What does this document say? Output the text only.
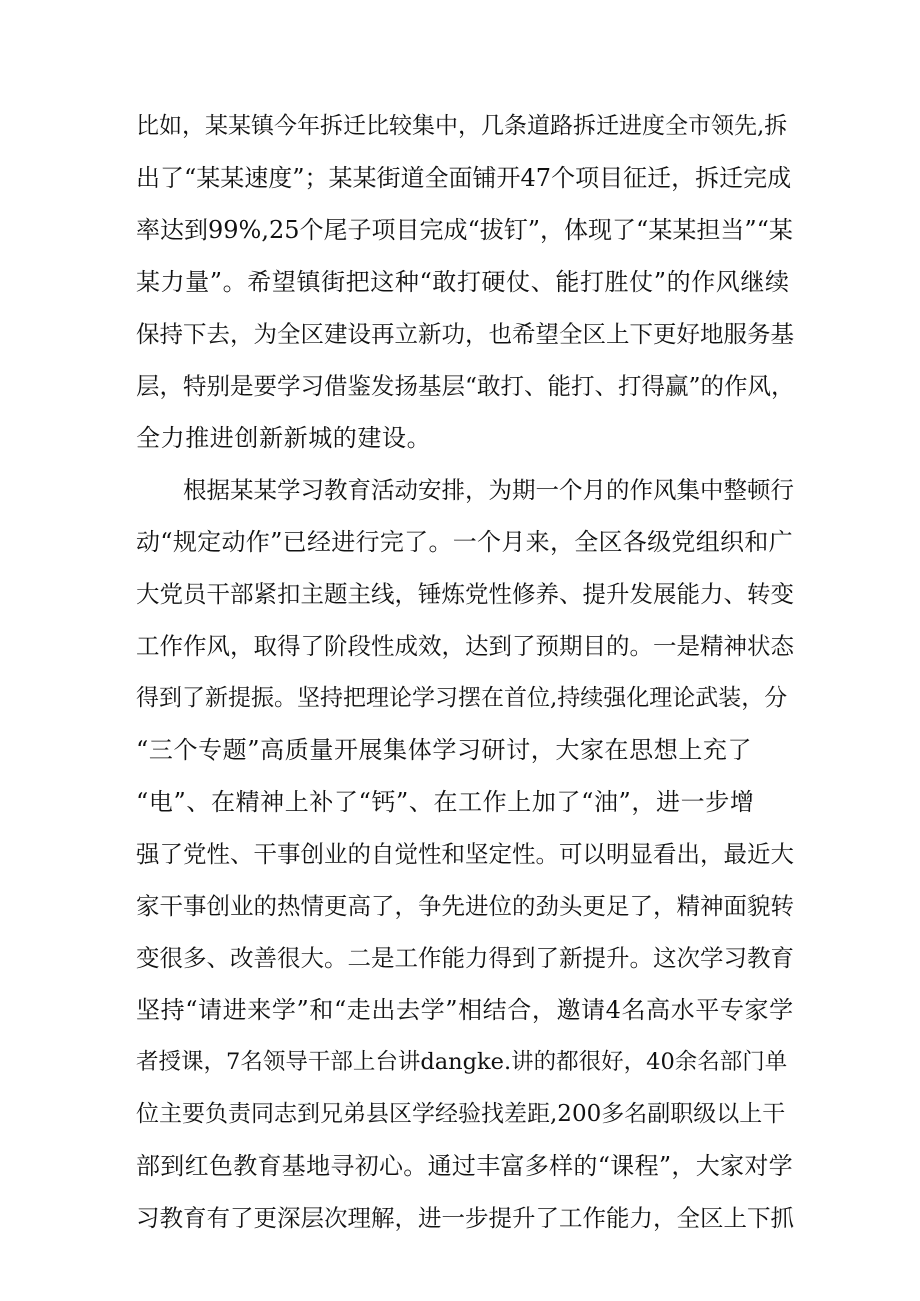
比如，某某镇今年拆迁比较集中，几条道路拆迁进度全市领先,拆
出了“某某速度”；某某街道全面铺开47个项目征迁，拆迁完成
率达到99%,25个尾子项目完成“拔钉”，体现了“某某担当”“某
某力量”。希望镇街把这种“敢打硬仗、能打胜仗”的作风继续
保持下去，为全区建设再立新功，也希望全区上下更好地服务基
层，特别是要学习借鉴发扬基层“敢打、能打、打得赢”的作风，
全力推进创新新城的建设。
根据某某学习教育活动安排，为期一个月的作风集中整顿行
动“规定动作”已经进行完了。一个月来，全区各级党组织和广
大党员干部紧扣主题主线，锤炼党性修养、提升发展能力、转变
工作作风，取得了阶段性成效，达到了预期目的。一是精神状态
得到了新提振。坚持把理论学习摆在首位,持续强化理论武装，分
“三个专题”高质量开展集体学习研讨，大家在思想上充了
“电”、在精神上补了“钙”、在工作上加了“油”，进一步增
强了党性、干事创业的自觉性和坚定性。可以明显看出，最近大
家干事创业的热情更高了，争先进位的劲头更足了，精神面貌转
变很多、改善很大。二是工作能力得到了新提升。这次学习教育
坚持“请进来学”和“走出去学”相结合，邀请4名高水平专家学
者授课，7名领导干部上台讲dangke.讲的都很好，40余名部门单
位主要负责同志到兄弟县区学经验找差距,200多名副职级以上干
部到红色教育基地寻初心。通过丰富多样的“课程”，大家对学
习教育有了更深层次理解，进一步提升了工作能力，全区上下抓
